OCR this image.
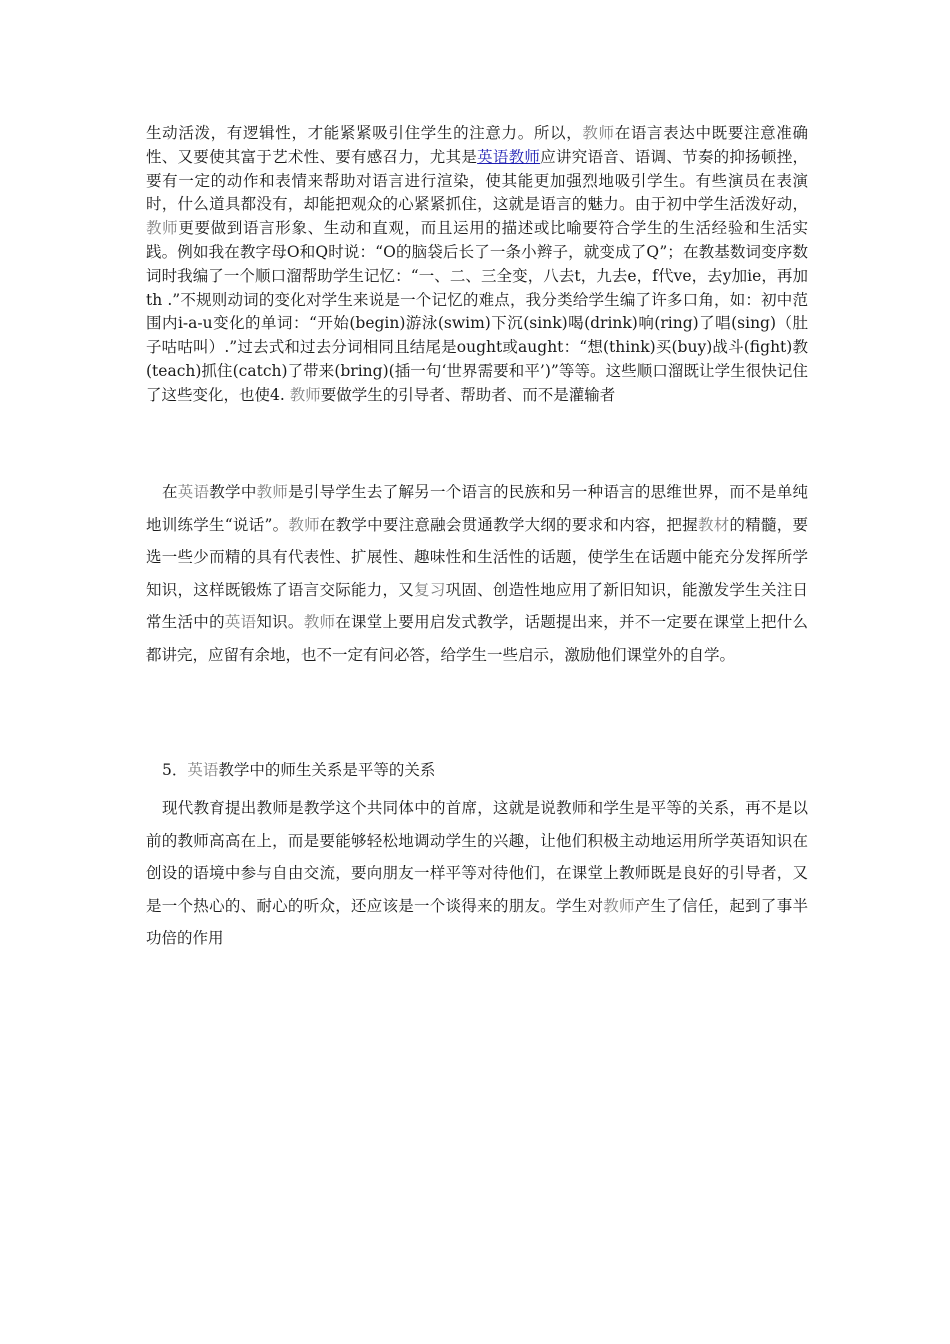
生动活泼，有逻辑性，才能紧紧吸引住学生的注意力。所以，教师在语言表达中既要注意准确性、又要使其富于艺术性、要有感召力，尤其是英语教师应讲究语音、语调、节奏的抑扬顿挫，要有一定的动作和表情来帮助对语言进行渲染，使其能更加强烈地吸引学生。有些演员在表演时，什么道具都没有，却能把观众的心紧紧抓住，这就是语言的魅力。由于初中学生活泼好动，教师更要做到语言形象、生动和直观，而且运用的描述或比喻要符合学生的生活经验和生活实践。例如我在教字母O和Q时说：“O的脑袋后长了一条小辫子，就变成了Q”；在教基数词变序数词时我编了一个顺口溜帮助学生记忆：“一、二、三全变，八去t，九去e，f代ve，去y加ie，再加th .”不规则动词的变化对学生来说是一个记忆的难点，我分类给学生编了许多口角，如：初中范围内i-a-u变化的单词：“开始(begin)游泳(swim)下沉(sink)喝(drink)响(ring)了唱(sing)（肚子咕咕叫）.”过去式和过去分词相同且结尾是ought或aught：“想(think)买(buy)战斗(fight)教(teach)抓住(catch)了带来(bring)(插一句‘世界需要和平’)”等等。这些顺口溜既让学生很快记住了这些变化，也使4. 教师要做学生的引导者、帮助者、而不是灌输者
在英语教学中教师是引导学生去了解另一个语言的民族和另一种语言的思维世界，而不是单纯地训练学生“说话”。教师在教学中要注意融会贯通教学大纲的要求和内容，把握教材的精髓，要选一些少而精的具有代表性、扩展性、趣味性和生活性的话题，使学生在话题中能充分发挥所学知识，这样既锻炼了语言交际能力，又复习巩固、创造性地应用了新旧知识，能激发学生关注日常生活中的英语知识。教师在课堂上要用启发式教学，话题提出来，并不一定要在课堂上把什么都讲完，应留有余地，也不一定有问必答，给学生一些启示，激励他们课堂外的自学。
5．英语教学中的师生关系是平等的关系
现代教育提出教师是教学这个共同体中的首席，这就是说教师和学生是平等的关系，再不是以前的教师高高在上，而是要能够轻松地调动学生的兴趣，让他们积极主动地运用所学英语知识在创设的语境中参与自由交流，要向朋友一样平等对待他们，在课堂上教师既是良好的引导者，又是一个热心的、耐心的听众，还应该是一个谈得来的朋友。学生对教师产生了信任，起到了事半功倍的作用
